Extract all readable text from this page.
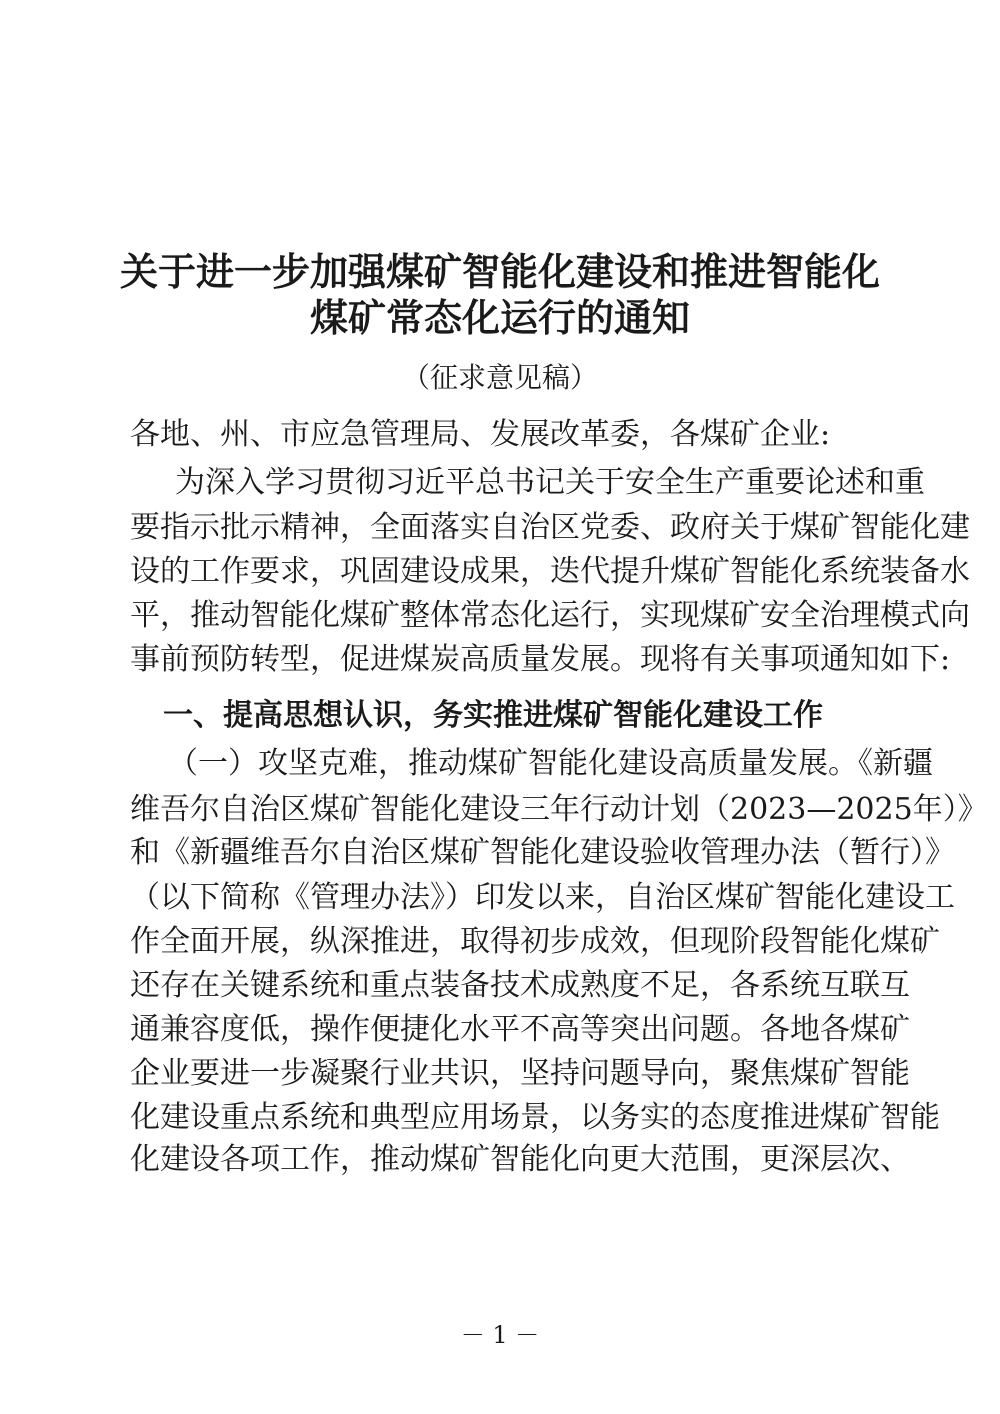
关于进一步加强煤矿智能化建设和推进智能化
煤矿常态化运行的通知
（征求意见稿）
各地、州、市应急管理局、发展改革委，各煤矿企业:
为深入学习贯彻习近平总书记关于安全生产重要论述和重
要指示批示精神，全面落实自治区党委、政府关于煤矿智能化建
设的工作要求，巩固建设成果，迭代提升煤矿智能化系统装备水
平，推动智能化煤矿整体常态化运行，实现煤矿安全治理模式向
事前预防转型，促进煤炭高质量发展。现将有关事项通知如下:
一、提高思想认识，务实推进煤矿智能化建设工作
（一）攻坚克难，推动煤矿智能化建设高质量发展。《新疆
维吾尔自治区煤矿智能化建设三年行动计划（2023—2025年）》
和《新疆维吾尔自治区煤矿智能化建设验收管理办法（暂行）》
（以下简称《管理办法》）印发以来，自治区煤矿智能化建设工
作全面开展，纵深推进，取得初步成效，但现阶段智能化煤矿
还存在关键系统和重点装备技术成熟度不足，各系统互联互
通兼容度低，操作便捷化水平不高等突出问题。各地各煤矿
企业要进一步凝聚行业共识，坚持问题导向，聚焦煤矿智能
化建设重点系统和典型应用场景，以务实的态度推进煤矿智能
化建设各项工作，推动煤矿智能化向更大范围，更深层次、
－ 1 －
